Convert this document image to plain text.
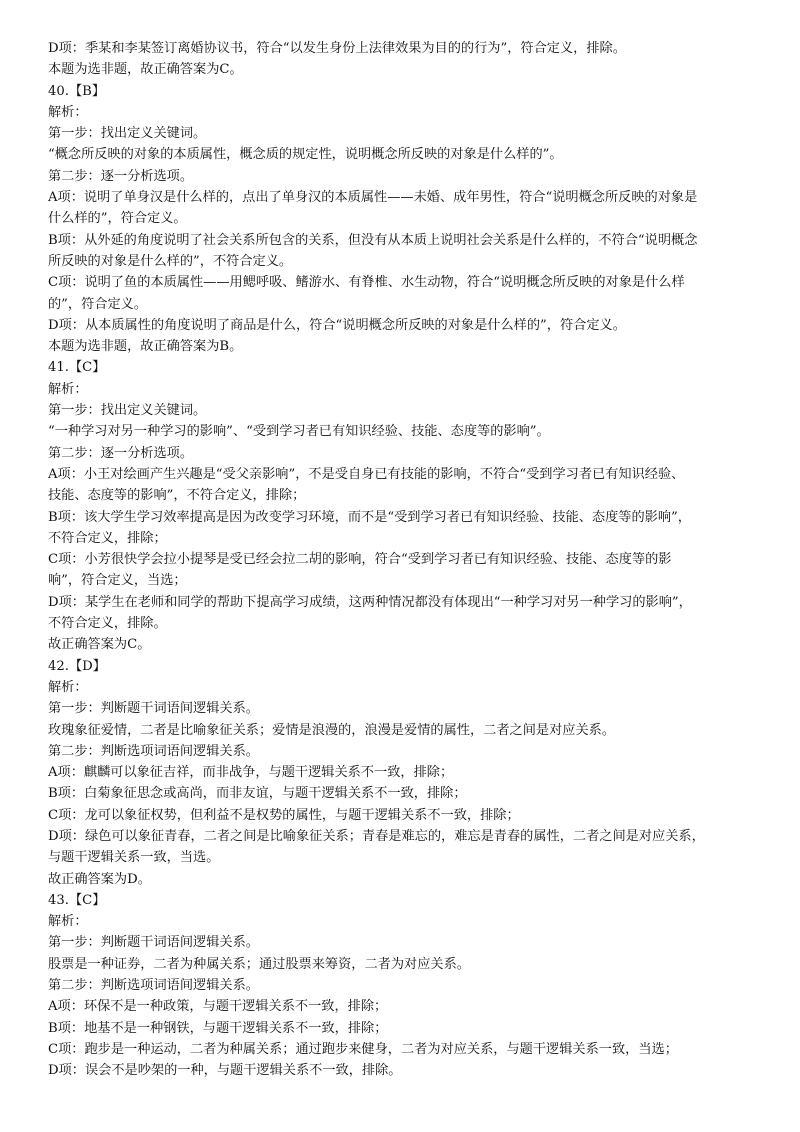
D项：季某和李某签订离婚协议书，符合“以发生身份上法律效果为目的的行为”，符合定义，排除。

本题为选非题，故正确答案为C。

40.【B】

解析：

第一步：找出定义关键词。

“概念所反映的对象的本质属性，概念质的规定性，说明概念所反映的对象是什么样的”。

第二步：逐一分析选项。

A项：说明了单身汉是什么样的，点出了单身汉的本质属性——未婚、成年男性，符合“说明概念所反映的对象是

什么样的”，符合定义。

B项：从外延的角度说明了社会关系所包含的关系，但没有从本质上说明社会关系是什么样的，不符合“说明概念

所反映的对象是什么样的”，不符合定义。

C项：说明了鱼的本质属性——用鳃呼吸、鳍游水、有脊椎、水生动物，符合“说明概念所反映的对象是什么样

的”，符合定义。

D项：从本质属性的角度说明了商品是什么，符合“说明概念所反映的对象是什么样的”，符合定义。

本题为选非题，故正确答案为B。

41.【C】

解析：

第一步：找出定义关键词。

“一种学习对另一种学习的影响”、“受到学习者已有知识经验、技能、态度等的影响”。

第二步：逐一分析选项。

A项：小王对绘画产生兴趣是“受父亲影响”，不是受自身已有技能的影响，不符合“受到学习者已有知识经验、

技能、态度等的影响”，不符合定义，排除；

B项：该大学生学习效率提高是因为改变学习环境，而不是“受到学习者已有知识经验、技能、态度等的影响”，

不符合定义，排除；

C项：小芳很快学会拉小提琴是受已经会拉二胡的影响，符合“受到学习者已有知识经验、技能、态度等的影

响”，符合定义，当选；

D项：某学生在老师和同学的帮助下提高学习成绩，这两种情况都没有体现出“一种学习对另一种学习的影响”，

不符合定义，排除。

故正确答案为C。

42.【D】

解析：

第一步：判断题干词语间逻辑关系。

玫瑰象征爱情，二者是比喻象征关系；爱情是浪漫的，浪漫是爱情的属性，二者之间是对应关系。

第二步：判断选项词语间逻辑关系。

A项：麒麟可以象征吉祥，而非战争，与题干逻辑关系不一致，排除；

B项：白菊象征思念或高尚，而非友谊，与题干逻辑关系不一致，排除；

C项：龙可以象征权势，但利益不是权势的属性，与题干逻辑关系不一致，排除；

D项：绿色可以象征青春，二者之间是比喻象征关系；青春是难忘的，难忘是青春的属性，二者之间是对应关系，

与题干逻辑关系一致，当选。

故正确答案为D。

43.【C】

解析：

第一步：判断题干词语间逻辑关系。

股票是一种证券，二者为种属关系；通过股票来筹资，二者为对应关系。

第二步：判断选项词语间逻辑关系。

A项：环保不是一种政策，与题干逻辑关系不一致，排除；

B项：地基不是一种钢铁，与题干逻辑关系不一致，排除；

C项：跑步是一种运动，二者为种属关系；通过跑步来健身，二者为对应关系，与题干逻辑关系一致，当选；

D项：误会不是吵架的一种，与题干逻辑关系不一致，排除。
